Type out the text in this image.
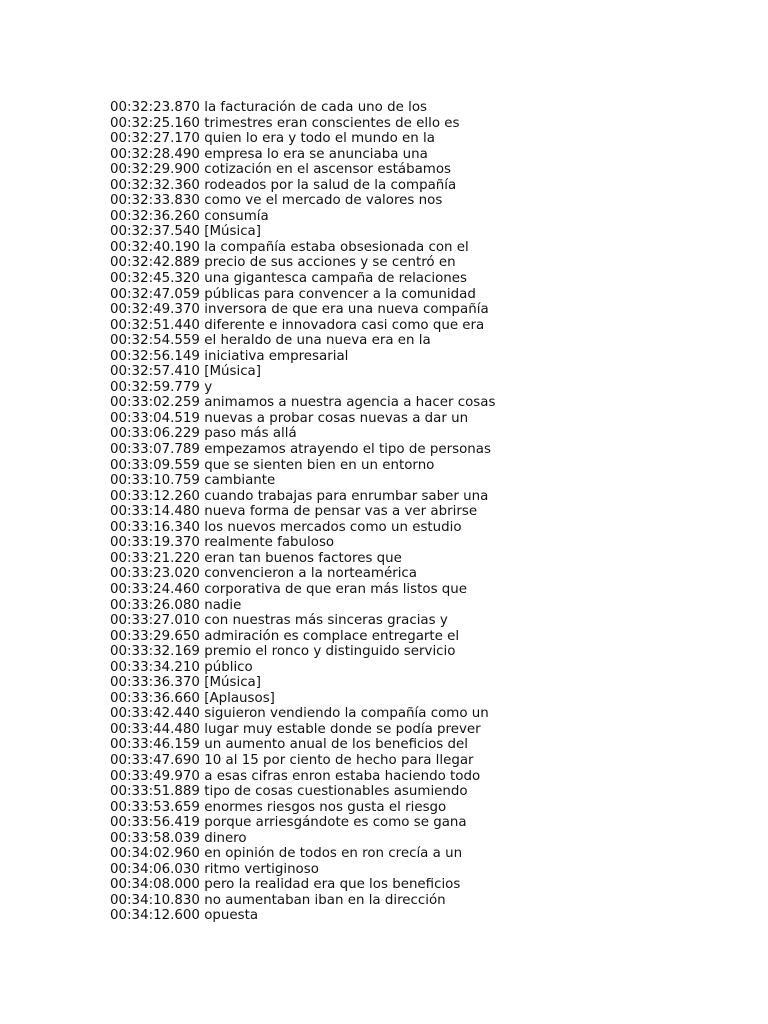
00:32:23.870 la facturación de cada uno de los
00:32:25.160 trimestres eran conscientes de ello es
00:32:27.170 quien lo era y todo el mundo en la
00:32:28.490 empresa lo era se anunciaba una
00:32:29.900 cotización en el ascensor estábamos
00:32:32.360 rodeados por la salud de la compañía
00:32:33.830 como ve el mercado de valores nos
00:32:36.260 consumía
00:32:37.540 [Música]
00:32:40.190 la compañía estaba obsesionada con el
00:32:42.889 precio de sus acciones y se centró en
00:32:45.320 una gigantesca campaña de relaciones
00:32:47.059 públicas para convencer a la comunidad
00:32:49.370 inversora de que era una nueva compañía
00:32:51.440 diferente e innovadora casi como que era
00:32:54.559 el heraldo de una nueva era en la
00:32:56.149 iniciativa empresarial
00:32:57.410 [Música]
00:32:59.779 y
00:33:02.259 animamos a nuestra agencia a hacer cosas
00:33:04.519 nuevas a probar cosas nuevas a dar un
00:33:06.229 paso más allá
00:33:07.789 empezamos atrayendo el tipo de personas
00:33:09.559 que se sienten bien en un entorno
00:33:10.759 cambiante
00:33:12.260 cuando trabajas para enrumbar saber una
00:33:14.480 nueva forma de pensar vas a ver abrirse
00:33:16.340 los nuevos mercados como un estudio
00:33:19.370 realmente fabuloso
00:33:21.220 eran tan buenos factores que
00:33:23.020 convencieron a la norteamérica
00:33:24.460 corporativa de que eran más listos que
00:33:26.080 nadie
00:33:27.010 con nuestras más sinceras gracias y
00:33:29.650 admiración es complace entregarte el
00:33:32.169 premio el ronco y distinguido servicio
00:33:34.210 público
00:33:36.370 [Música]
00:33:36.660 [Aplausos]
00:33:42.440 siguieron vendiendo la compañía como un
00:33:44.480 lugar muy estable donde se podía prever
00:33:46.159 un aumento anual de los beneficios del
00:33:47.690 10 al 15 por ciento de hecho para llegar
00:33:49.970 a esas cifras enron estaba haciendo todo
00:33:51.889 tipo de cosas cuestionables asumiendo
00:33:53.659 enormes riesgos nos gusta el riesgo
00:33:56.419 porque arriesgándote es como se gana
00:33:58.039 dinero
00:34:02.960 en opinión de todos en ron crecía a un
00:34:06.030 ritmo vertiginoso
00:34:08.000 pero la realidad era que los beneficios
00:34:10.830 no aumentaban iban en la dirección
00:34:12.600 opuesta
